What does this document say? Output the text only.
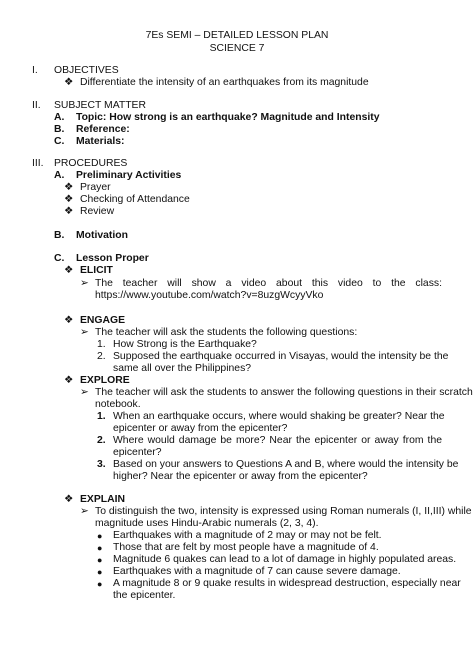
7Es SEMI – DETAILED LESSON PLAN
SCIENCE 7
I. OBJECTIVES
❖ Differentiate the intensity of an earthquakes from its magnitude
II. SUBJECT MATTER
A. Topic: How strong is an earthquake? Magnitude and Intensity
B. Reference:
C. Materials:
III. PROCEDURES
A. Preliminary Activities
❖ Prayer
❖ Checking of Attendance
❖ Review
B. Motivation
C. Lesson Proper
❖ ELICIT
➢ The teacher will show a video about this video to the class:
https://www.youtube.com/watch?v=8uzgWcyyVko
❖ ENGAGE
➢ The teacher will ask the students the following questions:
1. How Strong is the Earthquake?
2. Supposed the earthquake occurred in Visayas, would the intensity be the
same all over the Philippines?
❖ EXPLORE
➢ The teacher will ask the students to answer the following questions in their scratch
notebook.
1. When an earthquake occurs, where would shaking be greater? Near the
epicenter or away from the epicenter?
2. Where would damage be more? Near the epicenter or away from the
epicenter?
3. Based on your answers to Questions A and B, where would the intensity be
higher? Near the epicenter or away from the epicenter?
❖ EXPLAIN
➢ To distinguish the two, intensity is expressed using Roman numerals (I, II,III) while
magnitude uses Hindu-Arabic numerals (2, 3, 4).
● Earthquakes with a magnitude of 2 may or may not be felt.
● Those that are felt by most people have a magnitude of 4.
● Magnitude 6 quakes can lead to a lot of damage in highly populated areas.
● Earthquakes with a magnitude of 7 can cause severe damage.
● A magnitude 8 or 9 quake results in widespread destruction, especially near
the epicenter.
